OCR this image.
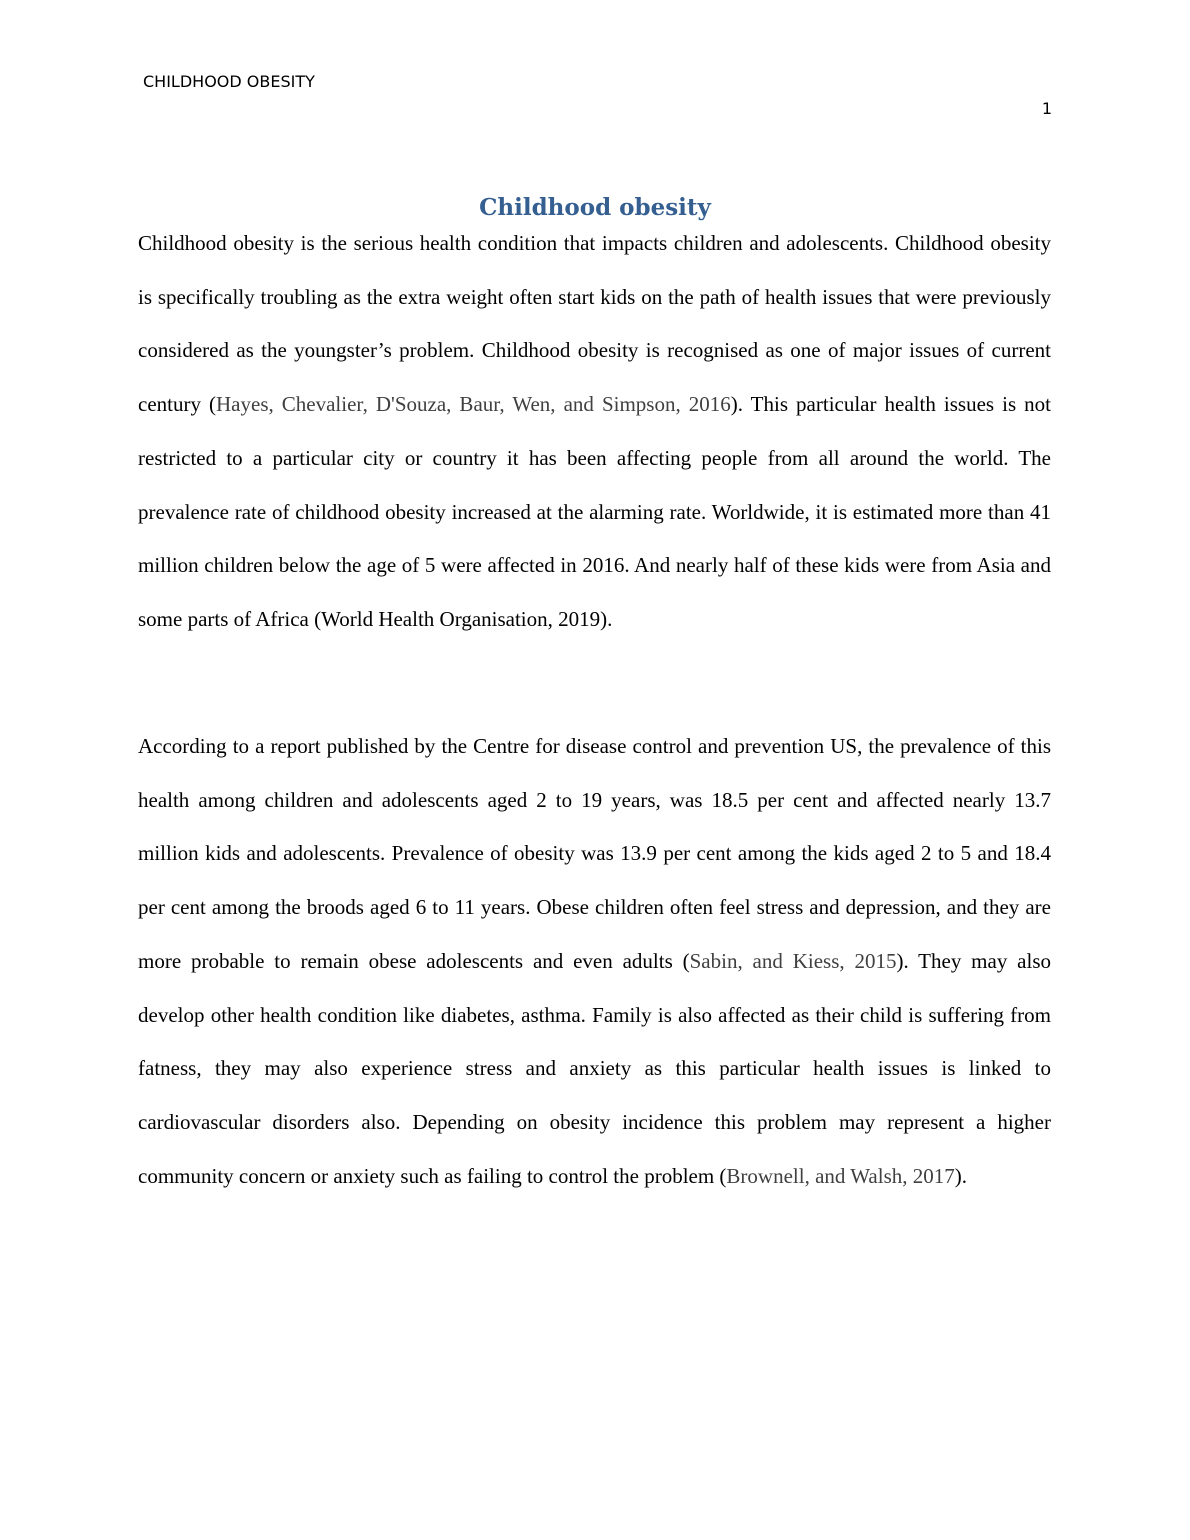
CHILDHOOD OBESITY
1
Childhood obesity

Childhood obesity is the serious health condition that impacts children and adolescents. Childhood obesity is specifically troubling as the extra weight often start kids on the path of health issues that were previously considered as the youngster’s problem. Childhood obesity is recognised as one of major issues of current century (Hayes, Chevalier, D'Souza, Baur, Wen, and Simpson, 2016). This particular health issues is not restricted to a particular city or country it has been affecting people from all around the world. The prevalence rate of childhood obesity increased at the alarming rate. Worldwide, it is estimated more than 41 million children below the age of 5 were affected in 2016. And nearly half of these kids were from Asia and some parts of Africa (World Health Organisation, 2019).

According to a report published by the Centre for disease control and prevention US, the prevalence of this health among children and adolescents aged 2 to 19 years, was 18.5 per cent and affected nearly 13.7 million kids and adolescents. Prevalence of obesity was 13.9 per cent among the kids aged 2 to 5 and 18.4 per cent among the broods aged 6 to 11 years. Obese children often feel stress and depression, and they are more probable to remain obese adolescents and even adults (Sabin, and Kiess, 2015). They may also develop other health condition like diabetes, asthma. Family is also affected as their child is suffering from fatness, they may also experience stress and anxiety as this particular health issues is linked to cardiovascular disorders also. Depending on obesity incidence this problem may represent a higher community concern or anxiety such as failing to control the problem (Brownell, and Walsh, 2017).
